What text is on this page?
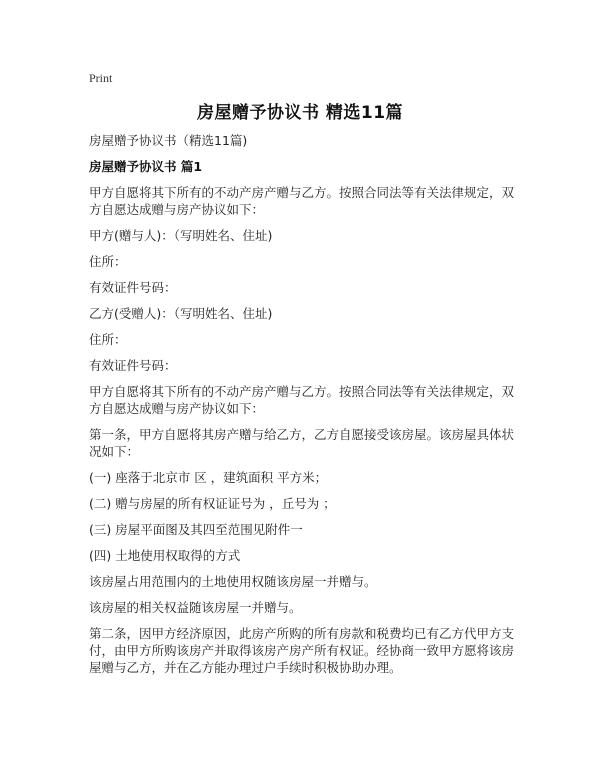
Print
房屋赠予协议书 精选11篇

房屋赠予协议书（精选11篇)

房屋赠予协议书 篇1

甲方自愿将其下所有的不动产房产赠与乙方。按照合同法等有关法律规定，双方自愿达成赠与房产协议如下：

甲方(赠与人)：（写明姓名、住址)

住所：

有效证件号码：

乙方(受赠人)：（写明姓名、住址)

住所：

有效证件号码：

甲方自愿将其下所有的不动产房产赠与乙方。按照合同法等有关法律规定，双方自愿达成赠与房产协议如下：

第一条，甲方自愿将其房产赠与给乙方，乙方自愿接受该房屋。该房屋具体状况如下：

(一) 座落于北京市 区 ，建筑面积 平方米；

(二) 赠与房屋的所有权证证号为 ，丘号为 ；

(三) 房屋平面图及其四至范围见附件一

(四) 土地使用权取得的方式

该房屋占用范围内的土地使用权随该房屋一并赠与。

该房屋的相关权益随该房屋一并赠与。

第二条，因甲方经济原因，此房产所购的所有房款和税费均已有乙方代甲方支付，由甲方所购该房产并取得该房产房产所有权证。经协商一致甲方愿将该房屋赠与乙方，并在乙方能办理过户手续时积极协助办理。
